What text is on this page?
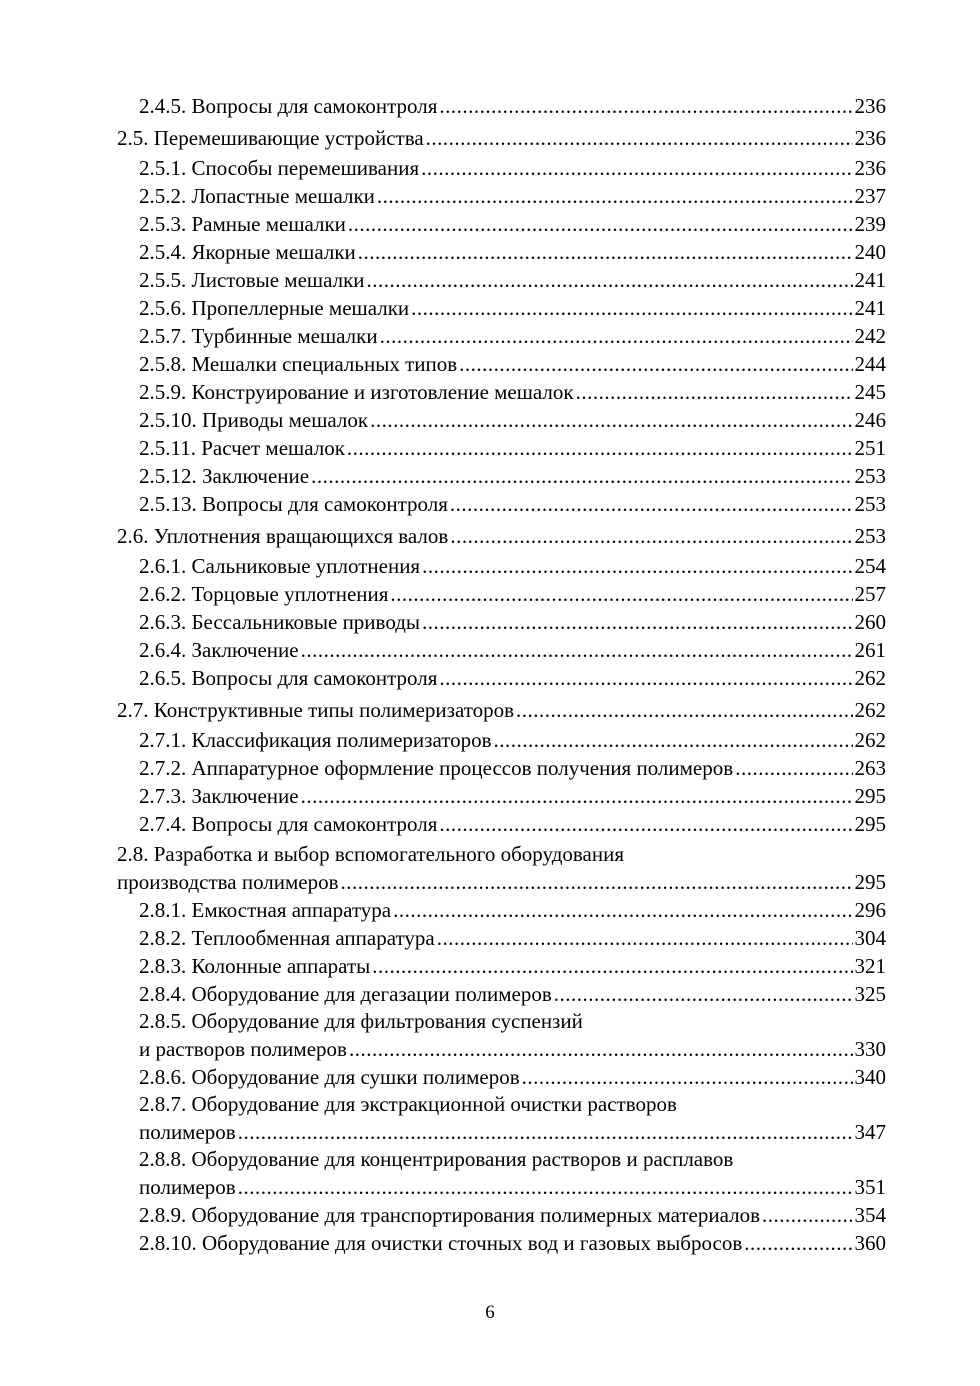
2.4.5. Вопросы для самоконтроля .....	236
2.5. Перемешивающие устройства .....	236
2.5.1. Способы перемешивания .....	236
2.5.2. Лопастные мешалки .....	237
2.5.3. Рамные мешалки .....	239
2.5.4. Якорные мешалки .....	240
2.5.5. Листовые мешалки .....	241
2.5.6. Пропеллерные мешалки .....	241
2.5.7. Турбинные мешалки .....	242
2.5.8. Мешалки специальных типов .....	244
2.5.9. Конструирование и изготовление мешалок .....	245
2.5.10. Приводы мешалок .....	246
2.5.11. Расчет мешалок .....	251
2.5.12. Заключение .....	253
2.5.13. Вопросы для самоконтроля .....	253
2.6. Уплотнения вращающихся валов .....	253
2.6.1. Сальниковые уплотнения .....	254
2.6.2. Торцовые уплотнения .....	257
2.6.3. Бессальниковые приводы .....	260
2.6.4. Заключение .....	261
2.6.5. Вопросы для самоконтроля .....	262
2.7. Конструктивные типы полимеризаторов .....	262
2.7.1. Классификация полимеризаторов .....	262
2.7.2. Аппаратурное оформление процессов получения полимеров .....	263
2.7.3. Заключение .....	295
2.7.4. Вопросы для самоконтроля .....	295
2.8. Разработка и выбор вспомогательного оборудования
производства полимеров .....	295
2.8.1. Емкостная аппаратура .....	296
2.8.2. Теплообменная аппаратура .....	304
2.8.3. Колонные аппараты .....	321
2.8.4. Оборудование для дегазации полимеров .....	325
2.8.5. Оборудование для фильтрования суспензий
и растворов полимеров .....	330
2.8.6. Оборудование для сушки полимеров .....	340
2.8.7. Оборудование для экстракционной очистки растворов
полимеров .....	347
2.8.8. Оборудование для концентрирования растворов и расплавов
полимеров .....	351
2.8.9. Оборудование для транспортирования полимерных материалов .....	354
2.8.10. Оборудование для очистки сточных вод и газовых выбросов .....	360
6
